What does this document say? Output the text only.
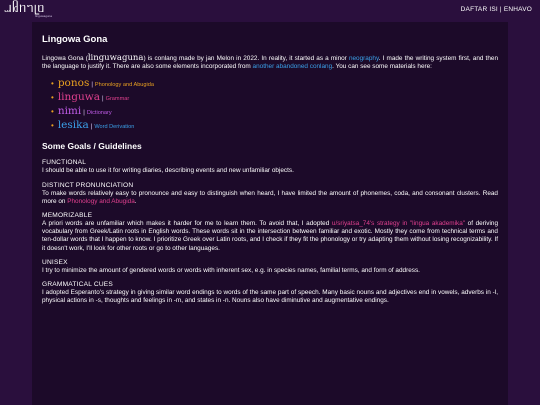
ᥘᥤᥒᥐᥧᥝ
linguwaguna
DAFTAR ISI | ENHAVO
Lingowa Gona

Lingowa Gona (linguwaguna) is conlang made by jan Melon in 2022. In reality, it started as a minor neography. I made the writing system first, and then the language to justify it. There are also some elements incorporated from another abandoned conlang. You can see some materials here:

• ponos | Phonology and Abugida
• linguwa | Grammar
• nimi | Dictionary
• lesika | Word Derivation
Some Goals / Guidelines
FUNCTIONAL

I should be able to use it for writing diaries, describing events and new unfamiliar objects.

DISTINCT PRONUNCIATION

To make words relatively easy to pronounce and easy to distinguish when heard, I have limited the amount of phonemes, coda, and consonant clusters. Read more on Phonology and Abugida.

MEMORIZABLE

A priori words are unfamiliar which makes it harder for me to learn them. To avoid that, I adopted u/sriyatsa_74's strategy in "lingua akademika" of deriving vocabulary from Greek/Latin roots in English words. These words sit in the intersection between familiar and exotic. Mostly they come from technical terms and ten-dollar words that I happen to know. I prioritize Greek over Latin roots, and I check if they fit the phonology or try adapting them without losing recognizability. If it doesn't work, I'll look for other roots or go to other languages.

UNISEX

I try to minimize the amount of gendered words or words with inherent sex, e.g. in species names, familial terms, and form of address.

GRAMMATICAL CUES

I adopted Esperanto's strategy in giving similar word endings to words of the same part of speech. Many basic nouns and adjectives end in vowels, adverbs in -l, physical actions in -s, thoughts and feelings in -m, and states in -n. Nouns also have diminutive and augmentative endings.
